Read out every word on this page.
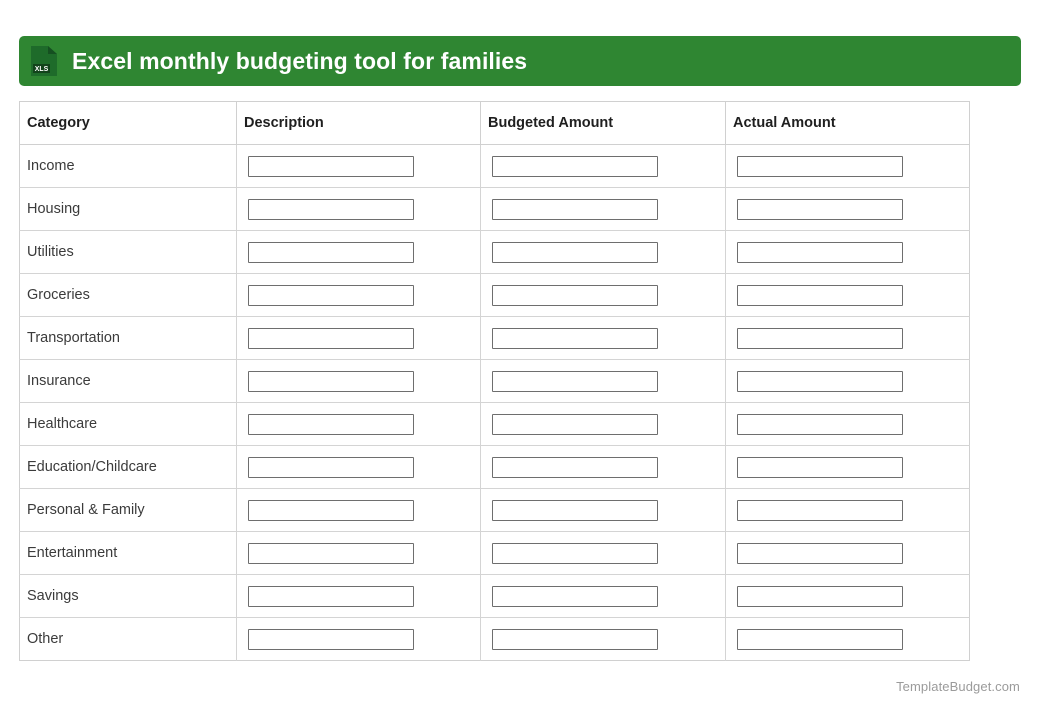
XLS Excel monthly budgeting tool for families
Category	Description	Budgeted Amount	Actual Amount
Income	

Housing	

Utilities	

Groceries	

Transportation	

Insurance	

Healthcare	

Education/Childcare	

Personal & Family	

Entertainment	

Savings	

Other	

TemplateBudget.com
